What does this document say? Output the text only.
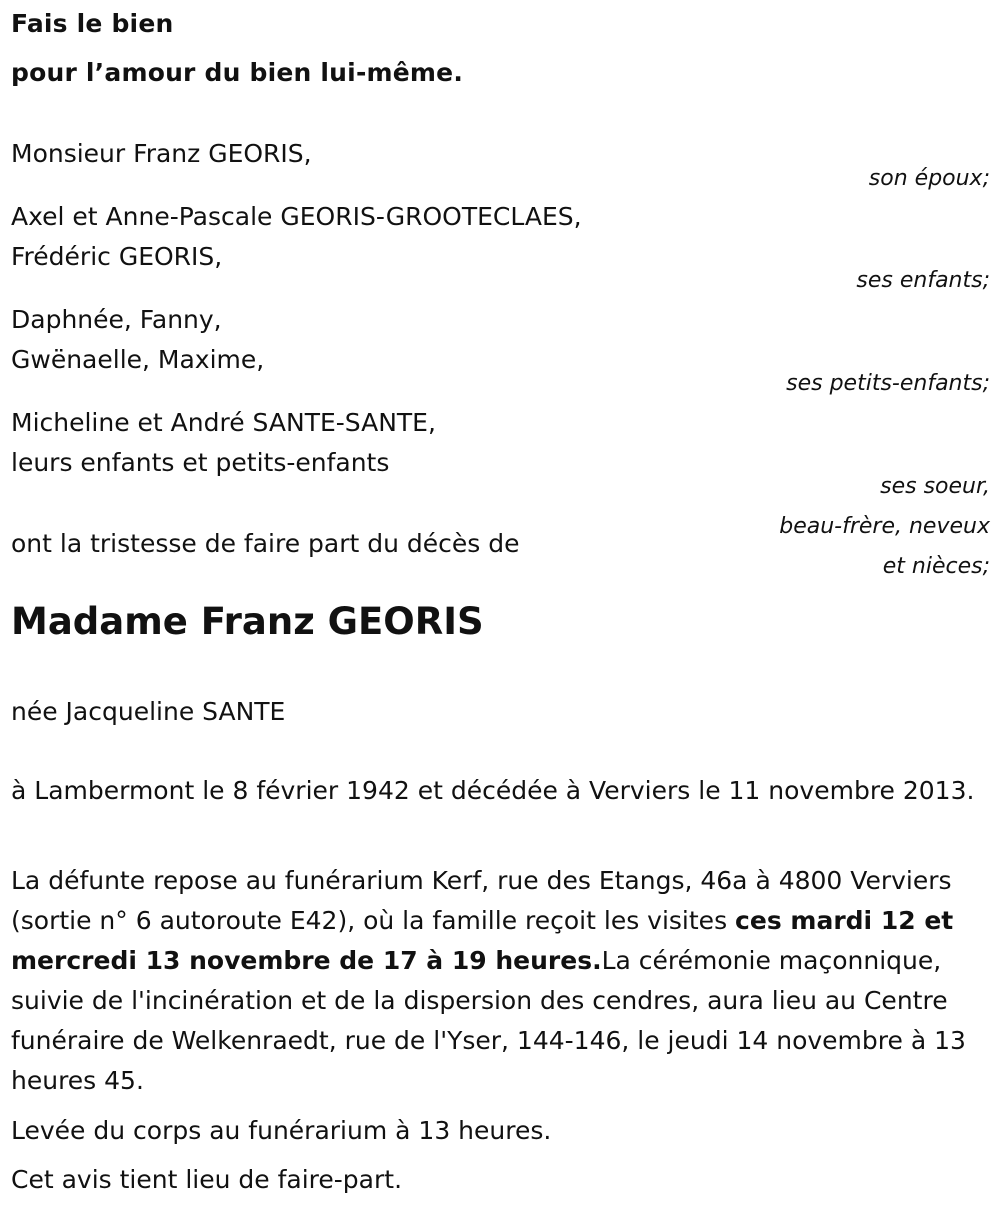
Fais le bien
pour l’amour du bien lui-même.
Monsieur Franz GEORIS,
son époux;
Axel et Anne-Pascale GEORIS-GROOTECLAES,
Frédéric GEORIS,
ses enfants;
Daphnée, Fanny,
Gwënaelle, Maxime,
ses petits-enfants;
Micheline et André SANTE-SANTE,
leurs enfants et petits-enfants
ses soeur,
beau-frère, neveux
et nièces;
ont la tristesse de faire part du décès de
Madame Franz GEORIS
née Jacqueline SANTE
à Lambermont le 8 février 1942 et décédée à Verviers le 11 novembre 2013.
La défunte repose au funérarium Kerf, rue des Etangs, 46a à 4800 Verviers (sortie n° 6 autoroute E42), où la famille reçoit les visites ces mardi 12 et mercredi 13 novembre de 17 à 19 heures.La cérémonie maçonnique, suivie de l'incinération et de la dispersion des cendres, aura lieu au Centre funéraire de Welkenraedt, rue de l'Yser, 144-146, le jeudi 14 novembre à 13 heures 45.
Levée du corps au funérarium à 13 heures.
Cet avis tient lieu de faire-part.
